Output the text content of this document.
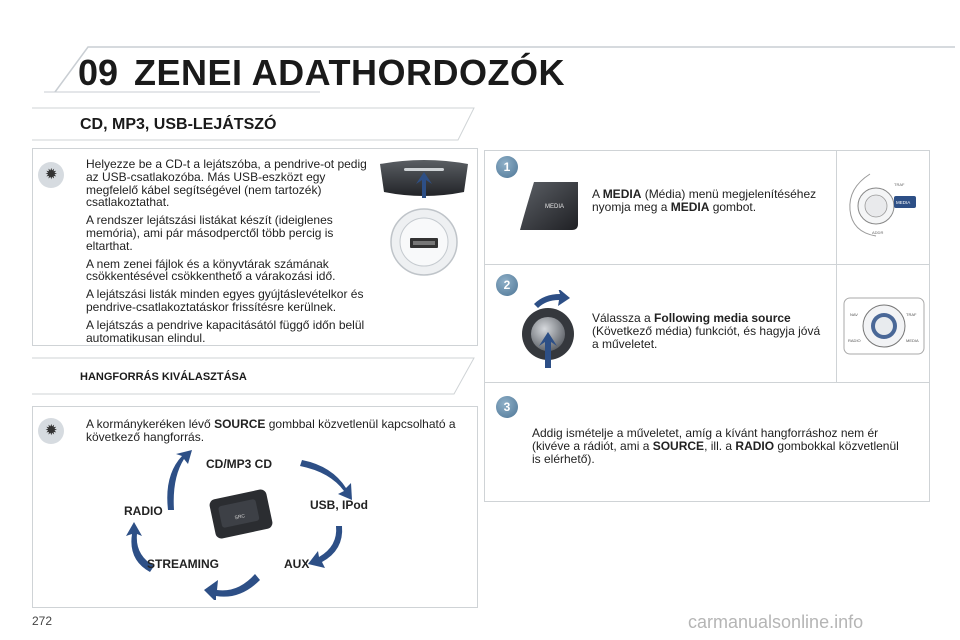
09 ZENEI ADATHORDOZÓK
CD, MP3, USB-LEJÁTSZÓ
✹

Helyezze be a CD-t a lejátszóba, a pendrive-ot pedig az USB-csatlakozóba. Más USB-eszközt egy megfelelő kábel segítségével (nem tartozék) csatlakoztathat.

A rendszer lejátszási listákat készít (ideiglenes memória), ami pár másodperctől több percig is eltarthat.

A nem zenei fájlok és a könyvtárak számának csökkentésével csökkenthető a várakozási idő.

A lejátszási listák minden egyes gyújtáslevételkor és pendrive-csatlakoztatáskor frissítésre kerülnek.

A lejátszás a pendrive kapacitásától függő időn belül automatikusan elindul.

HANGFORRÁS KIVÁLASZTÁSA
✹ A kormánykeréken lévő SOURCE gombbal közvetlenül kapcsolható a következő hangforrás.
SRC
CD/MP3 CD
USB, IPod
AUX
STREAMING
RADIO
1
MEDIA
A MEDIA (Média) menü megjelenítéséhez nyomja meg a MEDIA gombot.	MEDIA
TRAF
ADDR
2
Válassza a Following media source (Következő média) funkciót, és hagyja jóvá a műveletet.
NAV	TRAF
RADIO	MEDIA
3
Addig ismételje a műveletet, amíg a kívánt hangforráshoz nem ér (kivéve a rádiót, ami a SOURCE, ill. a RADIO gombokkal közvetlenül is elérhető).
272	carmanualsonline.info
